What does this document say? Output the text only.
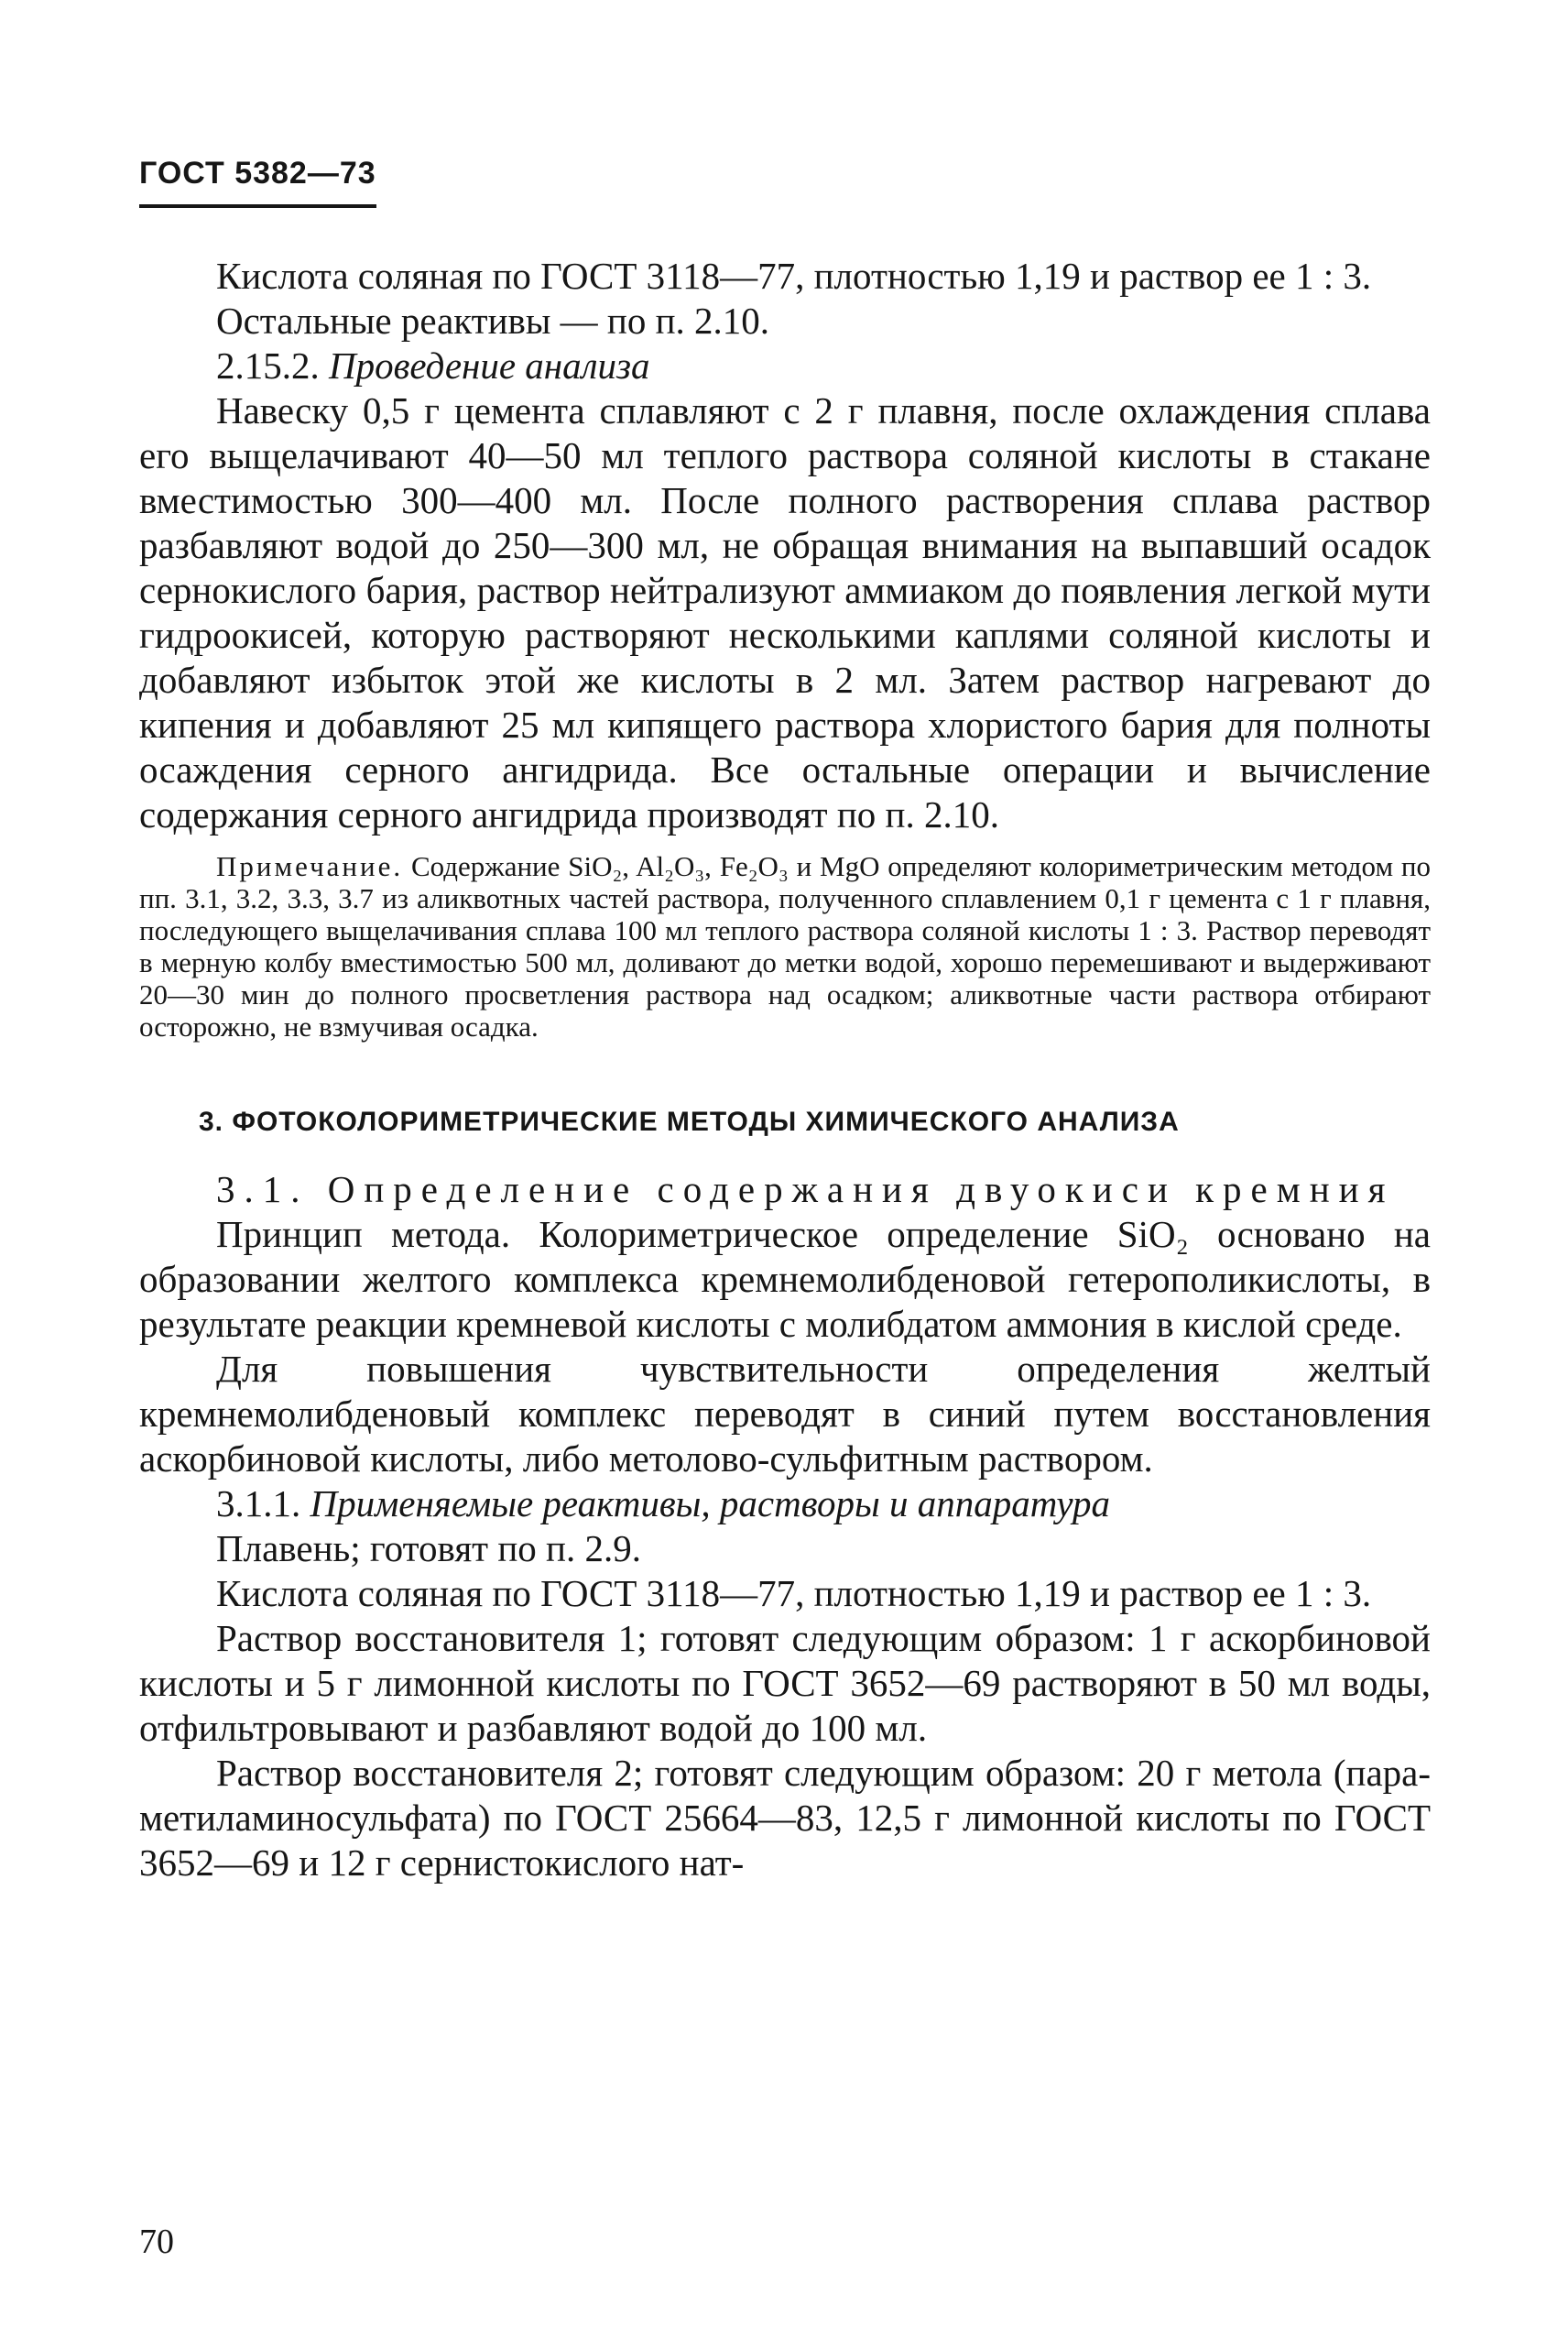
ГОСТ 5382—73

Кислота соляная по ГОСТ 3118—77, плотностью 1,19 и раствор ее 1 : 3.

Остальные реактивы — по п. 2.10.

2.15.2. Проведение анализа

Навеску 0,5 г цемента сплавляют с 2 г плавня, после охлаждения сплава его выщелачивают 40—50 мл теплого раствора соляной кислоты в стакане вместимостью 300—400 мл. После полного растворения сплава раствор разбавляют водой до 250—300 мл, не обращая внимания на выпавший осадок сернокислого бария, раствор нейтрализуют аммиаком до появления легкой мути гидроокисей, которую растворяют несколькими каплями соляной кислоты и добавляют избыток этой же кислоты в 2 мл. Затем раствор нагревают до кипения и добавляют 25 мл кипящего раствора хлористого бария для полноты осаждения серного ангидрида. Все остальные операции и вычисление содержания серного ангидрида производят по п. 2.10.

Примечание. Содержание SiO₂, Al₂O₃, Fe₂O₃ и MgO определяют колориметрическим методом по пп. 3.1, 3.2, 3.3, 3.7 из аликвотных частей раствора, полученного сплавлением 0,1 г цемента с 1 г плавня, последующего выщелачивания сплава 100 мл теплого раствора соляной кислоты 1 : 3. Раствор переводят в мерную колбу вместимостью 500 мл, доливают до метки водой, хорошо перемешивают и выдерживают 20—30 мин до полного просветления раствора над осадком; аликвотные части раствора отбирают осторожно, не взмучивая осадка.

3. ФОТОКОЛОРИМЕТРИЧЕСКИЕ МЕТОДЫ ХИМИЧЕСКОГО АНАЛИЗА

3.1. Определение содержания двуокиси кремния

Принцип метода. Колориметрическое определение SiO₂ основано на образовании желтого комплекса кремнемолибденовой гетерополикислоты, в результате реакции кремневой кислоты с молибдатом аммония в кислой среде.

Для повышения чувствительности определения желтый кремнемолибденовый комплекс переводят в синий путем восстановления аскорбиновой кислоты, либо метолово-сульфитным раствором.

3.1.1. Применяемые реактивы, растворы и аппаратура

Плавень; готовят по п. 2.9.

Кислота соляная по ГОСТ 3118—77, плотностью 1,19 и раствор ее 1 : 3.

Раствор восстановителя 1; готовят следующим образом: 1 г аскорбиновой кислоты и 5 г лимонной кислоты по ГОСТ 3652—69 растворяют в 50 мл воды, отфильтровывают и разбавляют водой до 100 мл.

Раствор восстановителя 2; готовят следующим образом: 20 г метола (пара-метиламиносульфата) по ГОСТ 25664—83, 12,5 г лимонной кислоты по ГОСТ 3652—69 и 12 г сернистокислого нат-

70
